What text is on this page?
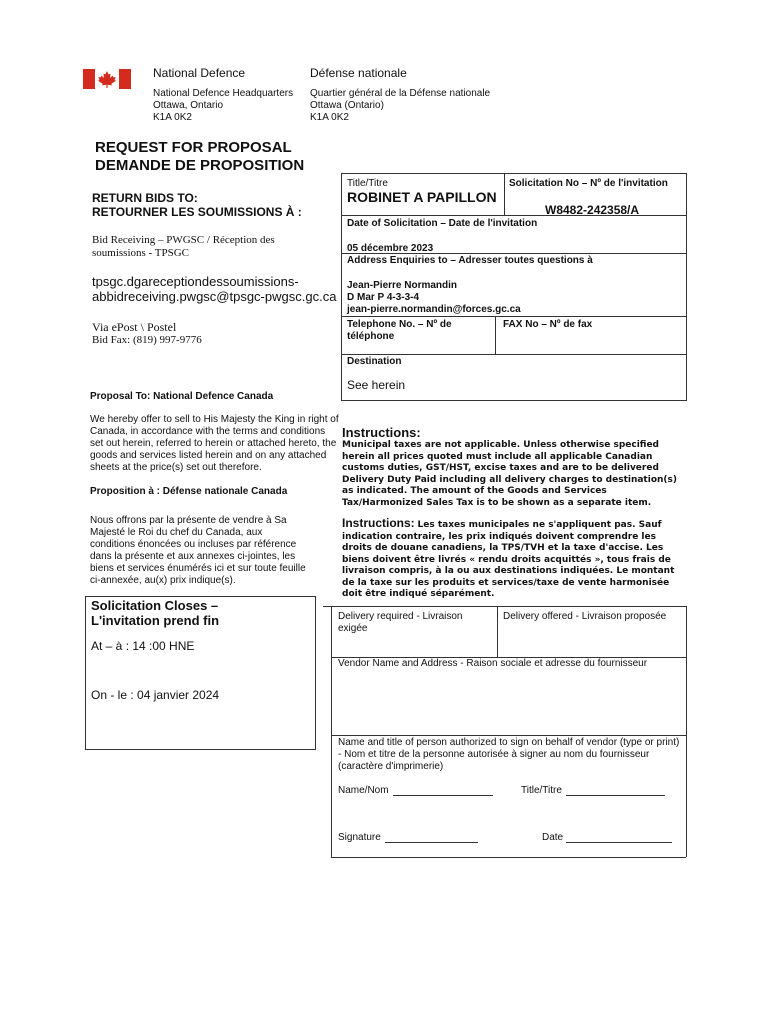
National Defence	Défense nationale
National Defence Headquarters
Ottawa, Ontario
K1A 0K2
Quartier général de la Défense nationale
Ottawa (Ontario)
K1A 0K2
REQUEST FOR PROPOSAL
DEMANDE DE PROPOSITION
RETURN BIDS TO:
RETOURNER LES SOUMISSIONS À :
Bid Receiving – PWGSC / Réception des
soumissions - TPSGC
tpsgc.dgareceptiondessoumissions-
abbidreceiving.pwgsc@tpsgc-pwgsc.gc.ca
Via ePost \ Postel
Bid Fax: (819) 997-9776
Proposal To: National Defence Canada
We hereby offer to sell to His Majesty the King in right of Canada, in accordance with the terms and conditions set out herein, referred to herein or attached hereto, the goods and services listed herein and on any attached sheets at the price(s) set out therefore.
Proposition à : Défense nationale Canada
Nous offrons par la présente de vendre à Sa Majesté le Roi du chef du Canada, aux conditions énoncées ou incluses par référence dans la présente et aux annexes ci-jointes, les biens et services énumérés ici et sur toute feuille ci-annexée, au(x) prix indique(s).
Solicitation Closes –
L'invitation prend fin
At – à : 14 :00 HNE
On - le : 04 janvier 2024
Title/Titre
ROBINET A PAPILLON
Solicitation No – Nº de l'invitation
W8482-242358/A
Date of Solicitation – Date de l'invitation
05 décembre 2023
Address Enquiries to – Adresser toutes questions à
Jean-Pierre Normandin
D Mar P 4-3-3-4
jean-pierre.normandin@forces.gc.ca
Telephone No. – Nº de
téléphone
FAX No – Nº de fax
Destination
See herein
Instructions:
Municipal taxes are not applicable. Unless otherwise specified herein all prices quoted must include all applicable Canadian customs duties, GST/HST, excise taxes and are to be delivered Delivery Duty Paid including all delivery charges to destination(s) as indicated. The amount of the Goods and Services Tax/Harmonized Sales Tax is to be shown as a separate item.
Instructions: Les taxes municipales ne s'appliquent pas. Sauf indication contraire, les prix indiqués doivent comprendre les droits de douane canadiens, la TPS/TVH et la taxe d'accise. Les biens doivent être livrés « rendu droits acquittés », tous frais de livraison compris, à la ou aux destinations indiquées. Le montant de la taxe sur les produits et services/taxe de vente harmonisée doit être indiqué séparément.
Delivery required - Livraison exigée
Delivery offered - Livraison proposée
Vendor Name and Address - Raison sociale et adresse du fournisseur
Name and title of person authorized to sign on behalf of vendor (type or print) - Nom et titre de la personne autorisée à signer au nom du fournisseur (caractère d'imprimerie)
Name/Nom	Title/Titre
Signature	Date
